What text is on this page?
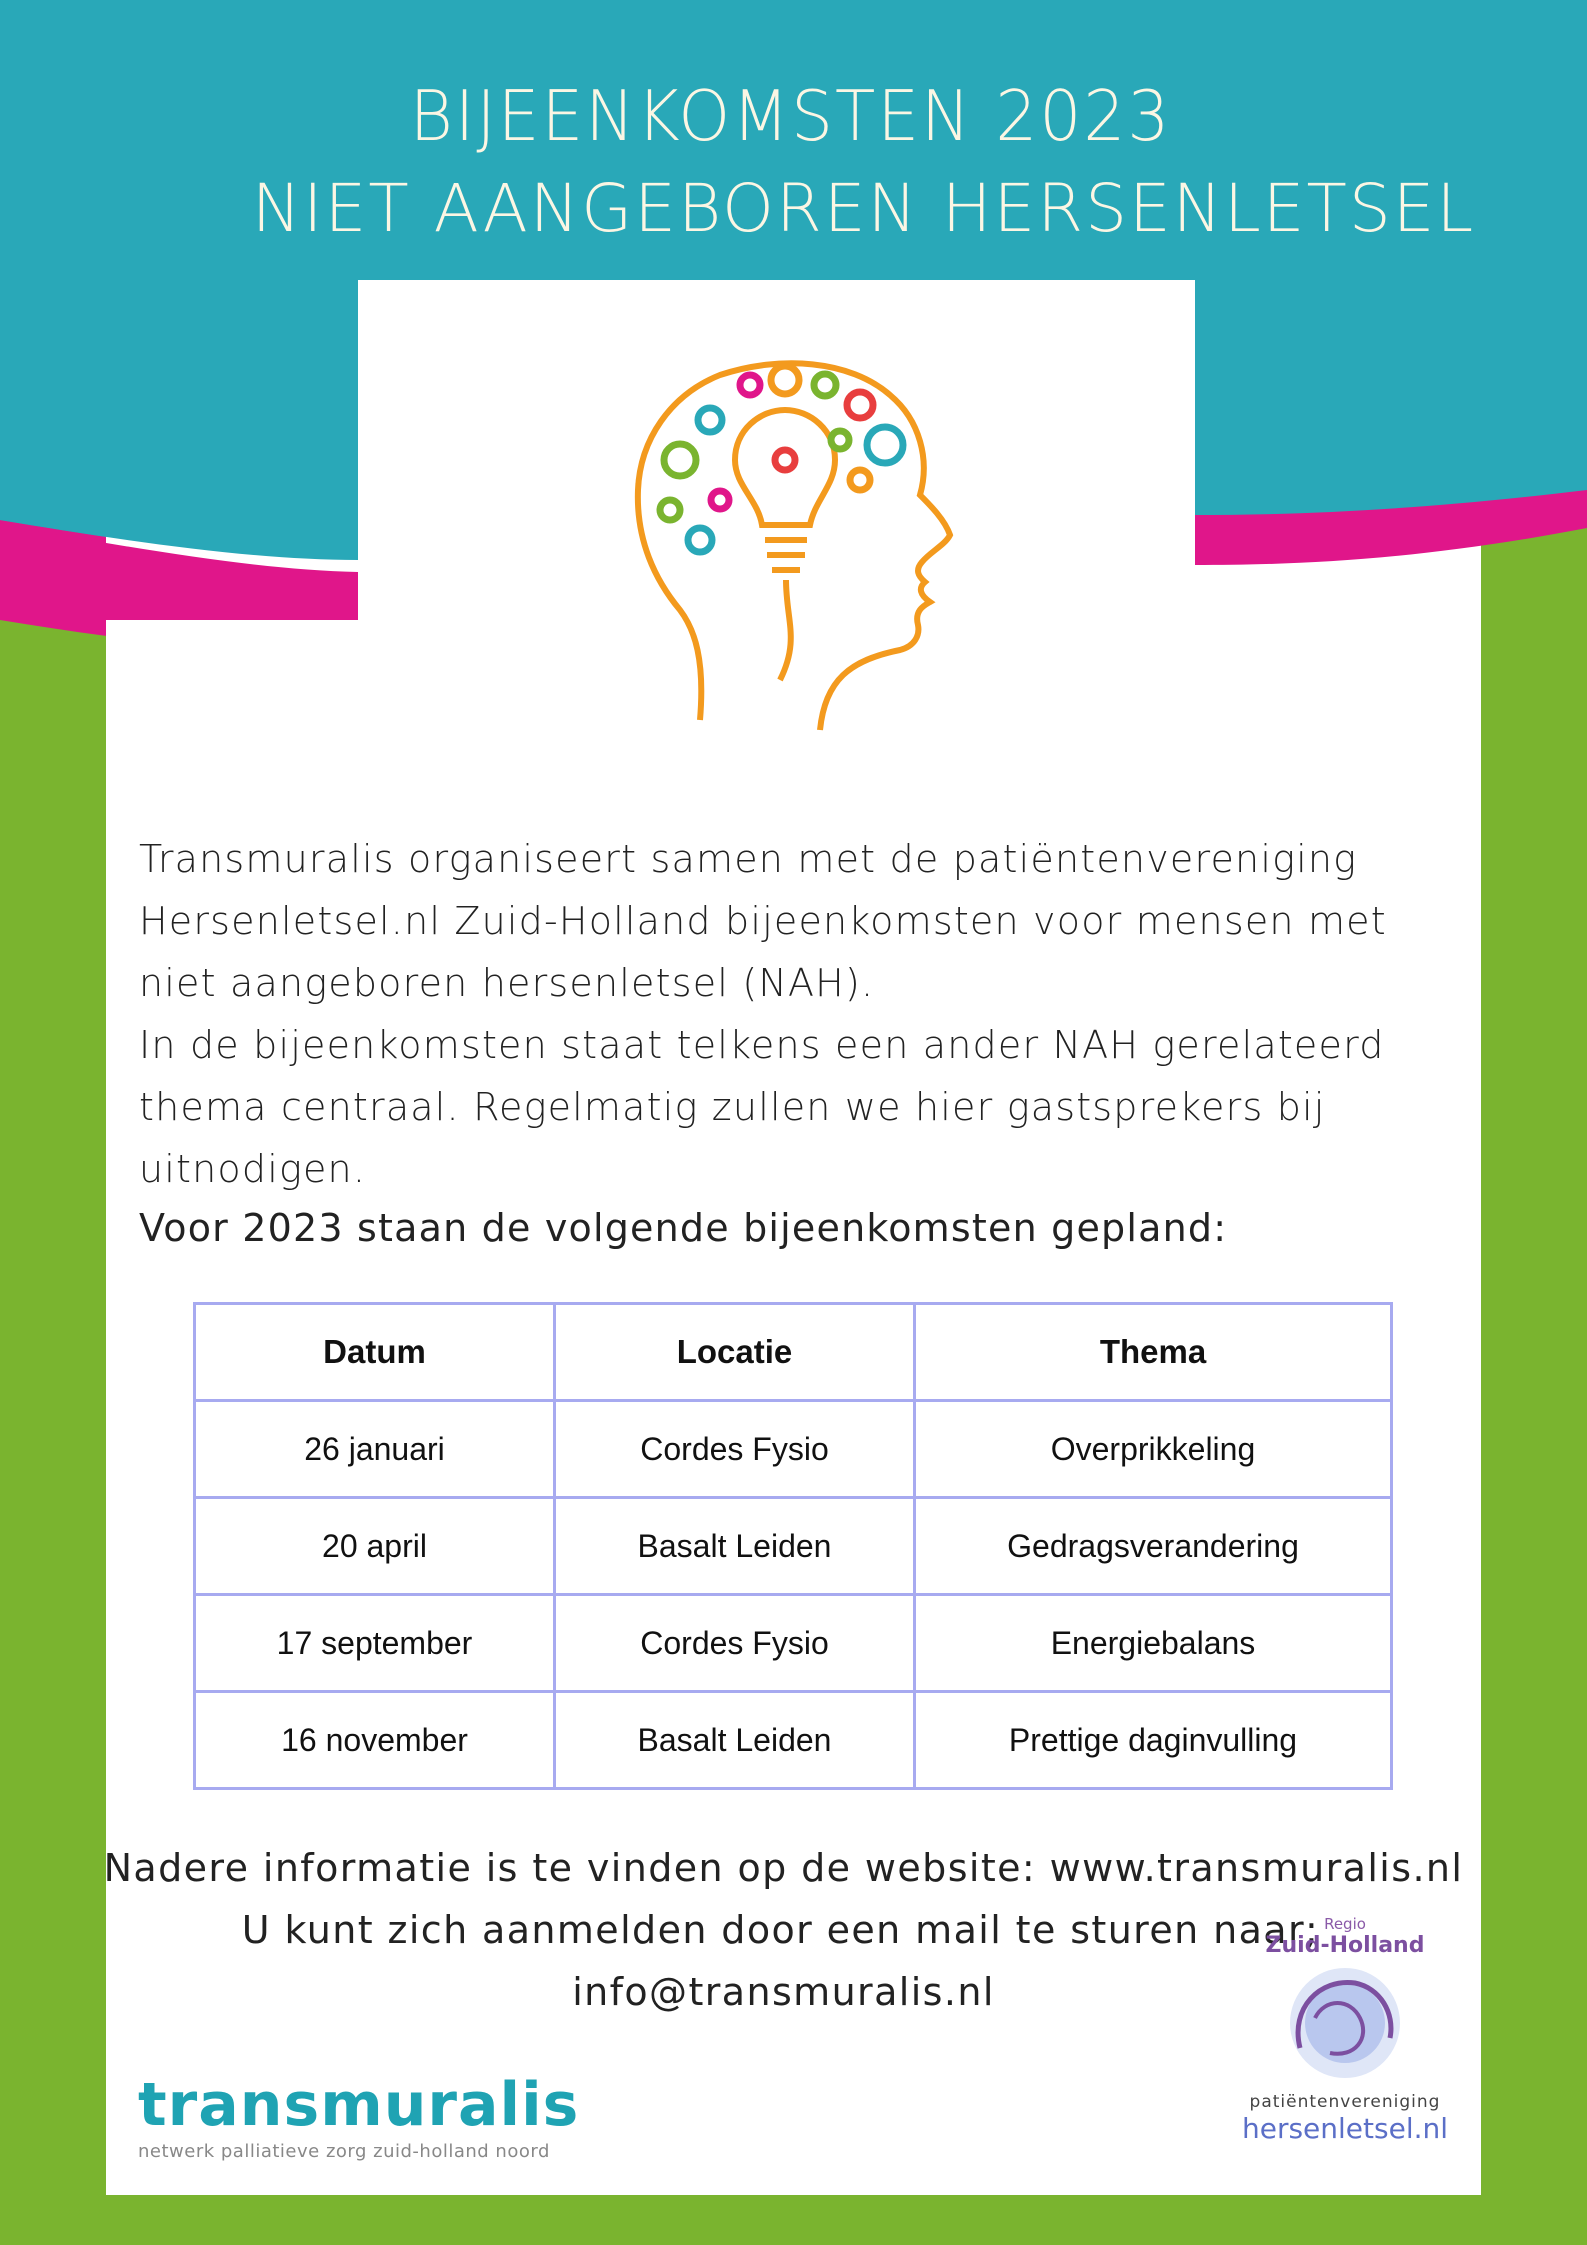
BIJEENKOMSTEN 2023
NIET AANGEBOREN HERSENLETSEL

Transmuralis organiseert samen met de patiëntenvereniging Hersenletsel.nl Zuid-Holland bijeenkomsten voor mensen met niet aangeboren hersenletsel (NAH).

In de bijeenkomsten staat telkens een ander NAH gerelateerd thema centraal. Regelmatig zullen we hier gastsprekers bij uitnodigen.

Voor 2023 staan de volgende bijeenkomsten gepland:
Datum	Locatie	Thema
26 januari	Cordes Fysio	Overprikkeling
20 april	Basalt Leiden	Gedragsverandering
17 september	Cordes Fysio	Energiebalans
16 november	Basalt Leiden	Prettige daginvulling
Nadere informatie is te vinden op de website: www.transmuralis.nl
U kunt zich aanmelden door een mail te sturen naar;
info@transmuralis.nl
transmuralis
netwerk palliatieve zorg zuid-holland noord
Regio
Zuid-Holland
patiëntenvereniging
hersenletsel.nl
